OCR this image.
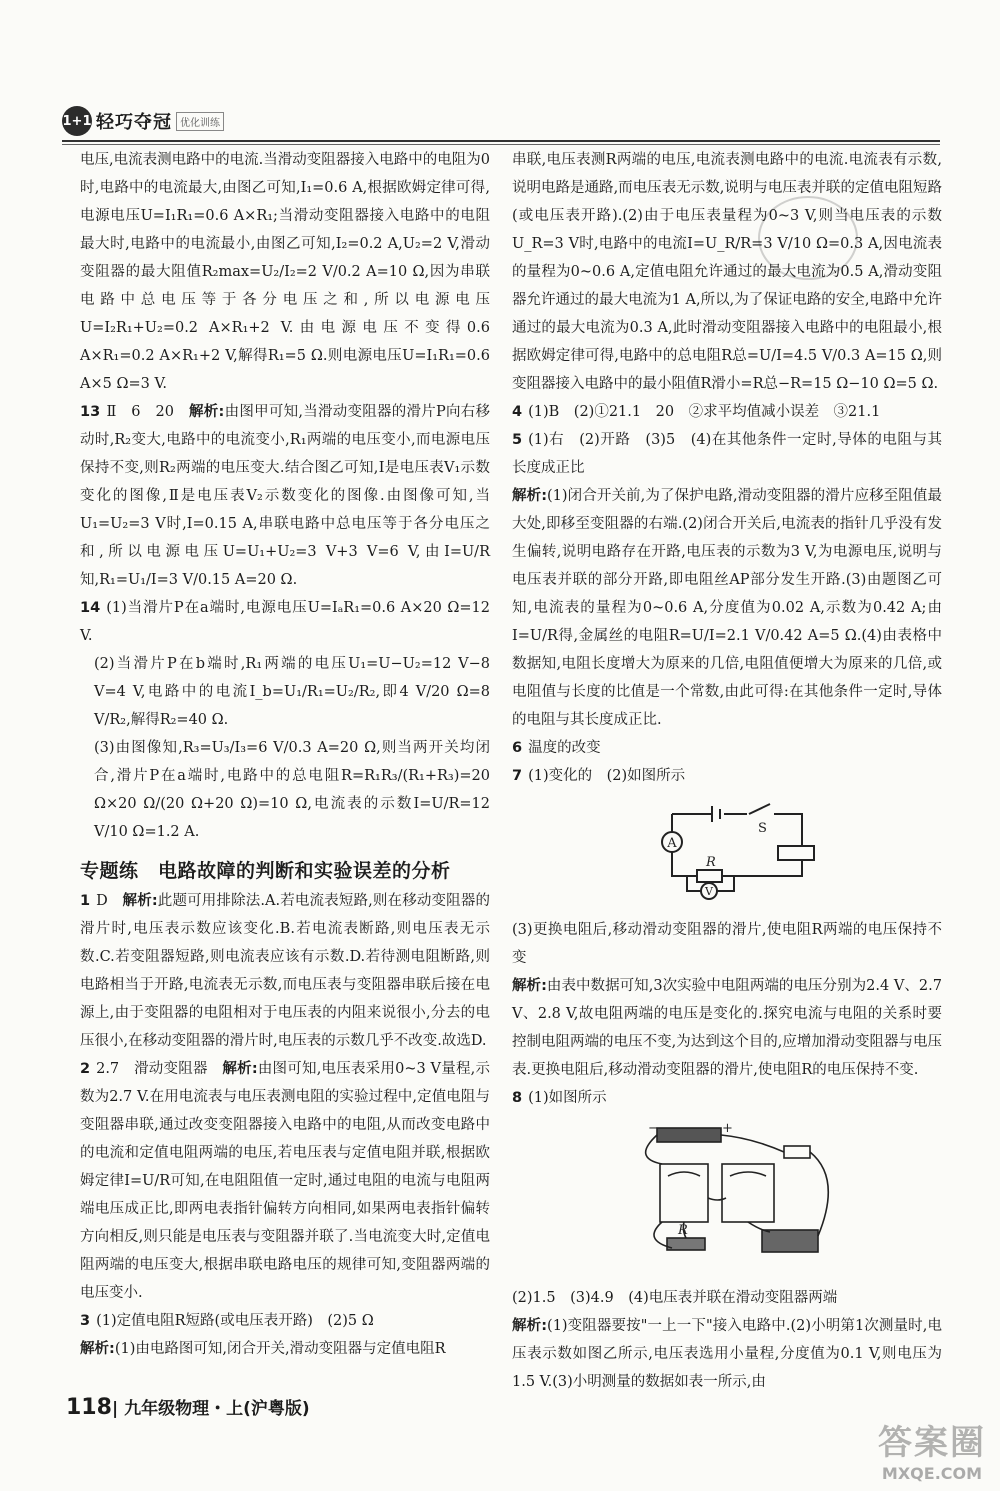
1+1 轻巧夺冠 优化训练

电压,电流表测电路中的电流.当滑动变阻器接入电路中的电阻为0时,电路中的电流最大,由图乙可知,I₁=0.6 A,根据欧姆定律可得,电源电压U=I₁R₁=0.6 A×R₁;当滑动变阻器接入电路中的电阻最大时,电路中的电流最小,由图乙可知,I₂=0.2 A,U₂=2 V,滑动变阻器的最大阻值R₂max=U₂/I₂=2 V/0.2 A=10 Ω,因为串联电路中总电压等于各分电压之和,所以电源电压U=I₂R₁+U₂=0.2 A×R₁+2 V.由电源电压不变得0.6 A×R₁=0.2 A×R₁+2 V,解得R₁=5 Ω.则电源电压U=I₁R₁=0.6 A×5 Ω=3 V.

13 Ⅱ　6　20　 解析:由图甲可知,当滑动变阻器的滑片P向右移动时,R₂变大,电路中的电流变小,R₁两端的电压变小,而电源电压保持不变,则R₂两端的电压变大.结合图乙可知,Ⅰ是电压表V₁示数变化的图像,Ⅱ是电压表V₂示数变化的图像.由图像可知,当U₁=U₂=3 V时,I=0.15 A,串联电路中总电压等于各分电压之和,所以电源电压U=U₁+U₂=3 V+3 V=6 V,由I=U/R知,R₁=U₁/I=3 V/0.15 A=20 Ω.

14 (1)当滑片P在a端时,电源电压U=IₐR₁=0.6 A×20 Ω=12 V.

(2)当滑片P在b端时,R₁两端的电压U₁=U−U₂=12 V−8 V=4 V,电路中的电流I_b=U₁/R₁=U₂/R₂,即4 V/20 Ω=8 V/R₂,解得R₂=40 Ω.

(3)由图像知,R₃=U₃/I₃=6 V/0.3 A=20 Ω,则当两开关均闭合,滑片P在a端时,电路中的总电阻R=R₁R₃/(R₁+R₃)=20 Ω×20 Ω/(20 Ω+20 Ω)=10 Ω,电流表的示数I=U/R=12 V/10 Ω=1.2 A.

专题练　电路故障的判断和实验误差的分析

1 D　 解析:此题可用排除法.A.若电流表短路,则在移动变阻器的滑片时,电压表示数应该变化.B.若电流表断路,则电压表无示数.C.若变阻器短路,则电流表应该有示数.D.若待测电阻断路,则电路相当于开路,电流表无示数,而电压表与变阻器串联后接在电源上,由于变阻器的电阻相对于电压表的内阻来说很小,分去的电压很小,在移动变阻器的滑片时,电压表的示数几乎不改变.故选D.

2 2.7　滑动变阻器　 解析:由图可知,电压表采用0~3 V量程,示数为2.7 V.在用电流表与电压表测电阻的实验过程中,定值电阻与变阻器串联,通过改变变阻器接入电路中的电阻,从而改变电路中的电流和定值电阻两端的电压,若电压表与定值电阻并联,根据欧姆定律I=U/R可知,在电阻阻值一定时,通过电阻的电流与电阻两端电压成正比,即两电表指针偏转方向相同,如果两电表指针偏转方向相反,则只能是电压表与变阻器并联了.当电流变大时,定值电阻两端的电压变大,根据串联电路电压的规律可知,变阻器两端的电压变小.

3 (1)定值电阻R短路(或电压表开路)　(2)5 Ω

解析:(1)由电路图可知,闭合开关,滑动变阻器与定值电阻R

串联,电压表测R两端的电压,电流表测电路中的电流.电流表有示数,说明电路是通路,而电压表无示数,说明与电压表并联的定值电阻短路(或电压表开路).(2)由于电压表量程为0~3 V,则当电压表的示数U_R=3 V时,电路中的电流I=U_R/R=3 V/10 Ω=0.3 A,因电流表的量程为0~0.6 A,定值电阻允许通过的最大电流为0.5 A,滑动变阻器允许通过的最大电流为1 A,所以,为了保证电路的安全,电路中允许通过的最大电流为0.3 A,此时滑动变阻器接入电路中的电阻最小,根据欧姆定律可得,电路中的总电阻R总=U/I=4.5 V/0.3 A=15 Ω,则变阻器接入电路中的最小阻值R滑小=R总−R=15 Ω−10 Ω=5 Ω.

4 (1)B　(2)①21.1　20　②求平均值减小误差　③21.1

5 (1)右　(2)开路　(3)5　(4)在其他条件一定时,导体的电阻与其长度成正比

解析:(1)闭合开关前,为了保护电路,滑动变阻器的滑片应移至阻值最大处,即移至变阻器的右端.(2)闭合开关后,电流表的指针几乎没有发生偏转,说明电路存在开路,电压表的示数为3 V,为电源电压,说明与电压表并联的部分开路,即电阻丝AP部分发生开路.(3)由题图乙可知,电流表的量程为0~0.6 A,分度值为0.02 A,示数为0.42 A;由I=U/R得,金属丝的电阻R=U/I=2.1 V/0.42 A=5 Ω.(4)由表格中数据知,电阻长度增大为原来的几倍,电阻值便增大为原来的几倍,或电阻值与长度的比值是一个常数,由此可得:在其他条件一定时,导体的电阻与其长度成正比.

6 温度的改变

7 (1)变化的　(2)如图所示

A
V
R
S

(3)更换电阻后,移动滑动变阻器的滑片,使电阻R两端的电压保持不变

解析:由表中数据可知,3次实验中电阻两端的电压分别为2.4 V、2.7 V、2.8 V,故电阻两端的电压是变化的.探究电流与电阻的关系时要控制电阻两端的电压不变,为达到这个目的,应增加滑动变阻器与电压表.更换电阻后,移动滑动变阻器的滑片,使电阻R的电压保持不变.

8 (1)如图所示

−	+
R

(2)1.5　(3)4.9　(4)电压表并联在滑动变阻器两端

解析:(1)变阻器要按"一上一下"接入电路中.(2)小明第1次测量时,电压表示数如图乙所示,电压表选用小量程,分度值为0.1 V,则电压为1.5 V.(3)小明测量的数据如表一所示,由

118| 九年级物理・上(沪粤版)
答案圈
MXQE.COM
